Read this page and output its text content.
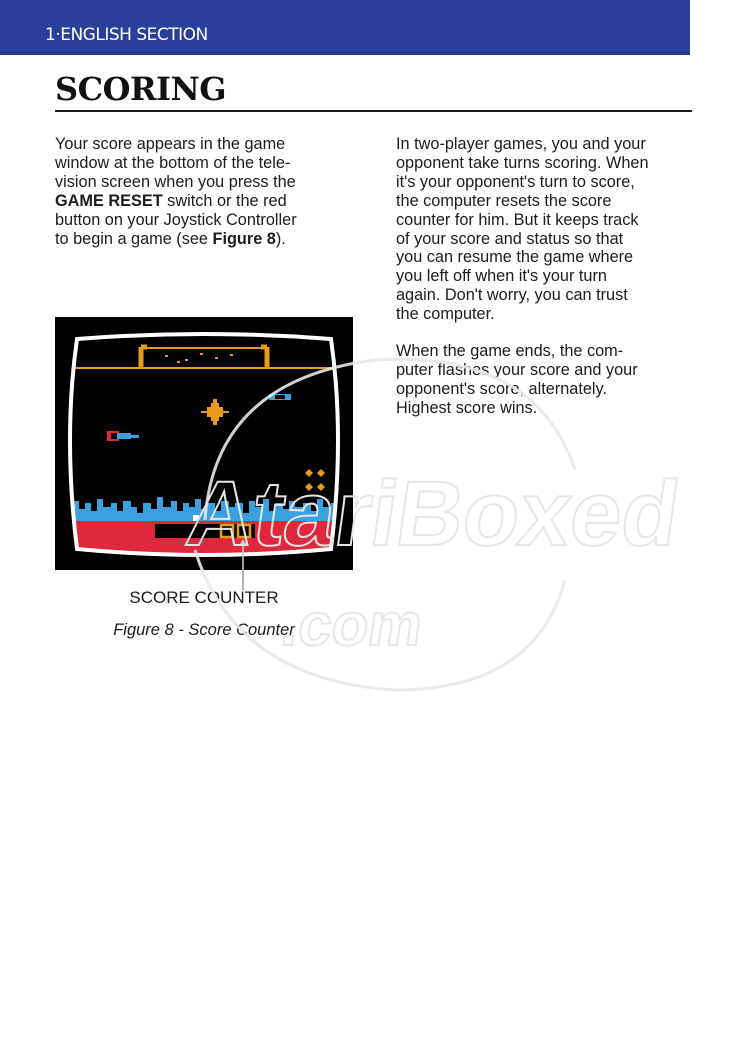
1·ENGLISH SECTION
SCORING

Your score appears in the game
window at the bottom of the tele-
vision screen when you press the
GAME RESET switch or the red
button on your Joystick Controller
to begin a game (see Figure 8).

In two-player games, you and your
opponent take turns scoring. When
it's your opponent's turn to score,
the computer resets the score
counter for him. But it keeps track
of your score and status so that
you can resume the game where
you left off when it's your turn
again. Don't worry, you can trust
the computer.

When the game ends, the com-
puter flashes your score and your
opponent's score, alternately.
Highest score wins.

SCORE COUNTER
Figure 8 - Score Counter
AtariBoxed
.com
